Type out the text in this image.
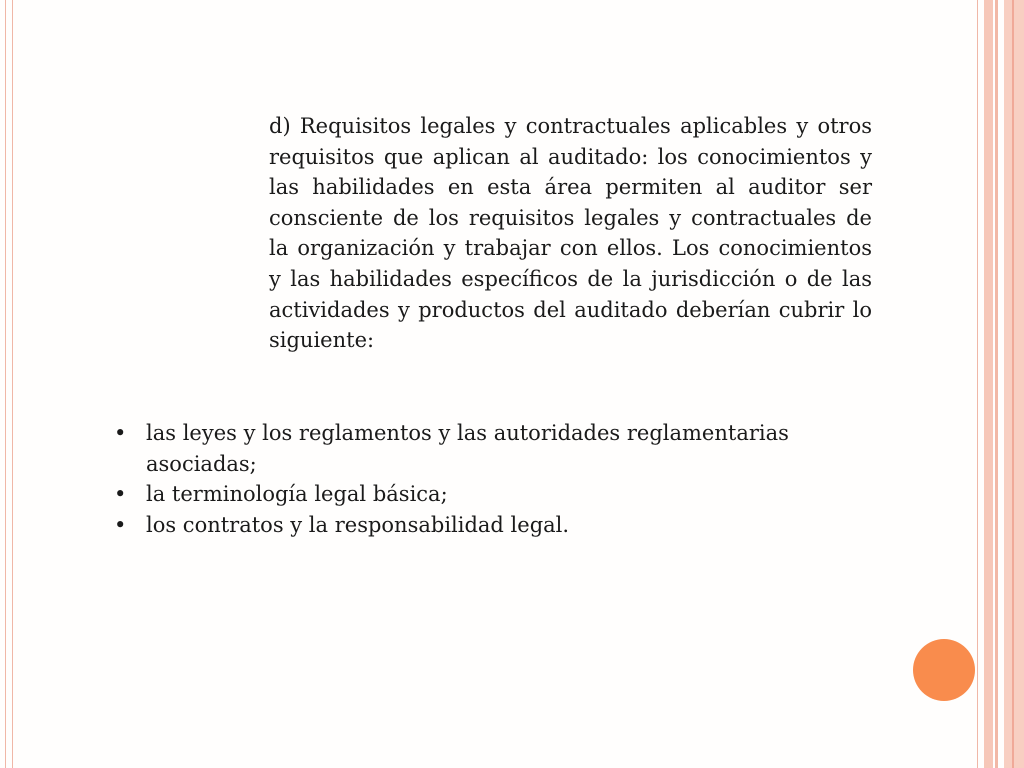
d) Requisitos legales y contractuales aplicables y otros requisitos que aplican al auditado: los conocimientos y las habilidades en esta área permiten al auditor ser consciente de los requisitos legales y contractuales de la organización y trabajar con ellos. Los conocimientos y las habilidades específicos de la jurisdicción o de las actividades y productos del auditado deberían cubrir lo siguiente:

• las leyes y los reglamentos y las autoridades reglamentarias asociadas;
• la terminología legal básica;
• los contratos y la responsabilidad legal.
